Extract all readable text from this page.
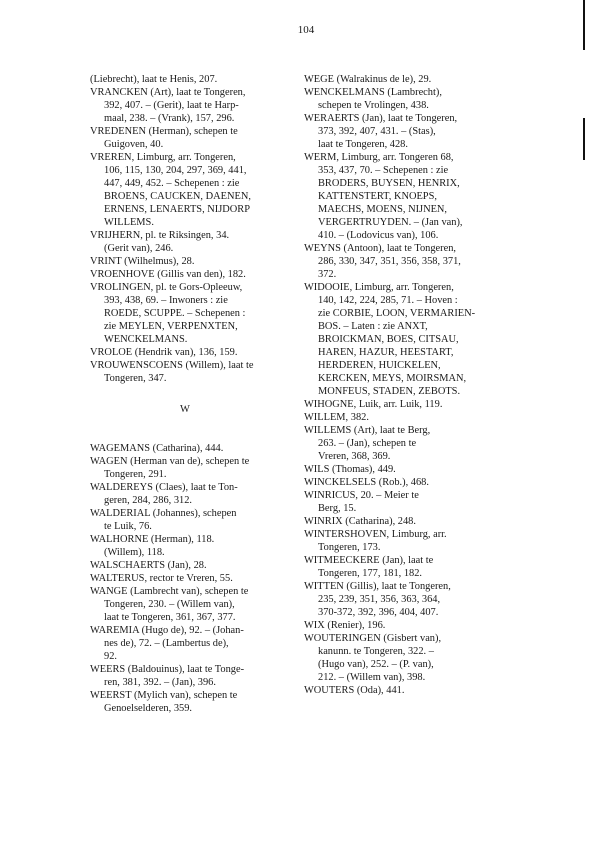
104

(Liebrecht), laat te Henis, 207.

VRANCKEN (Art), laat te Tongeren,
392, 407. – (Gerit), laat te Harp-
maal, 238. – (Vrank), 157, 296.

VREDENEN (Herman), schepen te
Guigoven, 40.

VREREN, Limburg, arr. Tongeren,
106, 115, 130, 204, 297, 369, 441,
447, 449, 452. – Schepenen : zie
BROENS, CAUCKEN, DAENEN,
ERNENS, LENAERTS, NIJDORP
WILLEMS.

VRIJHERN, pl. te Riksingen, 34.
(Gerit van), 246.

VRINT (Wilhelmus), 28.

VROENHOVE (Gillis van den), 182.

VROLINGEN, pl. te Gors-Opleeuw,
393, 438, 69. – Inwoners : zie
ROEDE, SCUPPE. – Schepenen :
zie MEYLEN, VERPENXTEN,
WENCKELMANS.

VROLOE (Hendrik van), 136, 159.

VROUWENSCOENS (Willem), laat te
Tongeren, 347.

W

WAGEMANS (Catharina), 444.

WAGEN (Herman van de), schepen te
Tongeren, 291.

WALDEREYS (Claes), laat te Ton-
geren, 284, 286, 312.

WALDERIAL (Johannes), schepen
te Luik, 76.

WALHORNE (Herman), 118.
(Willem), 118.

WALSCHAERTS (Jan), 28.

WALTERUS, rector te Vreren, 55.

WANGE (Lambrecht van), schepen te
Tongeren, 230. – (Willem van),
laat te Tongeren, 361, 367, 377.

WAREMIA (Hugo de), 92. – (Johan-
nes de), 72. – (Lambertus de),
92.

WEERS (Baldouinus), laat te Tonge-
ren, 381, 392. – (Jan), 396.

WEERST (Mylich van), schepen te
Genoelselderen, 359.

WEGE (Walrakinus de le), 29.

WENCKELMANS (Lambrecht),
schepen te Vrolingen, 438.

WERAERTS (Jan), laat te Tongeren,
373, 392, 407, 431. – (Stas),
laat te Tongeren, 428.

WERM, Limburg, arr. Tongeren 68,
353, 437, 70. – Schepenen : zie
BRODERS, BUYSEN, HENRIX,
KATTENSTERT, KNOEPS,
MAECHS, MOENS, NIJNEN,
VERGERTRUYDEN. – (Jan van),
410. – (Lodovicus van), 106.

WEYNS (Antoon), laat te Tongeren,
286, 330, 347, 351, 356, 358, 371,
372.

WIDOOIE, Limburg, arr. Tongeren,
140, 142, 224, 285, 71. – Hoven :
zie CORBIE, LOON, VERMARIEN-
BOS. – Laten : zie ANXT,
BROICKMAN, BOES, CITSAU,
HAREN, HAZUR, HEESTART,
HERDEREN, HUICKELEN,
KERCKEN, MEYS, MOIRSMAN,
MONFEUS, STADEN, ZEBOTS.

WIHOGNE, Luik, arr. Luik, 119.

WILLEM, 382.

WILLEMS (Art), laat te Berg,
263. – (Jan), schepen te
Vreren, 368, 369.

WILS (Thomas), 449.

WINCKELSELS (Rob.), 468.

WINRICUS, 20. – Meier te
Berg, 15.

WINRIX (Catharina), 248.

WINTERSHOVEN, Limburg, arr.
Tongeren, 173.

WITMEECKERE (Jan), laat te
Tongeren, 177, 181, 182.

WITTEN (Gillis), laat te Tongeren,
235, 239, 351, 356, 363, 364,
370-372, 392, 396, 404, 407.

WIX (Renier), 196.

WOUTERINGEN (Gisbert van),
kanunn. te Tongeren, 322. –
(Hugo van), 252. – (P. van),
212. – (Willem van), 398.

WOUTERS (Oda), 441.
